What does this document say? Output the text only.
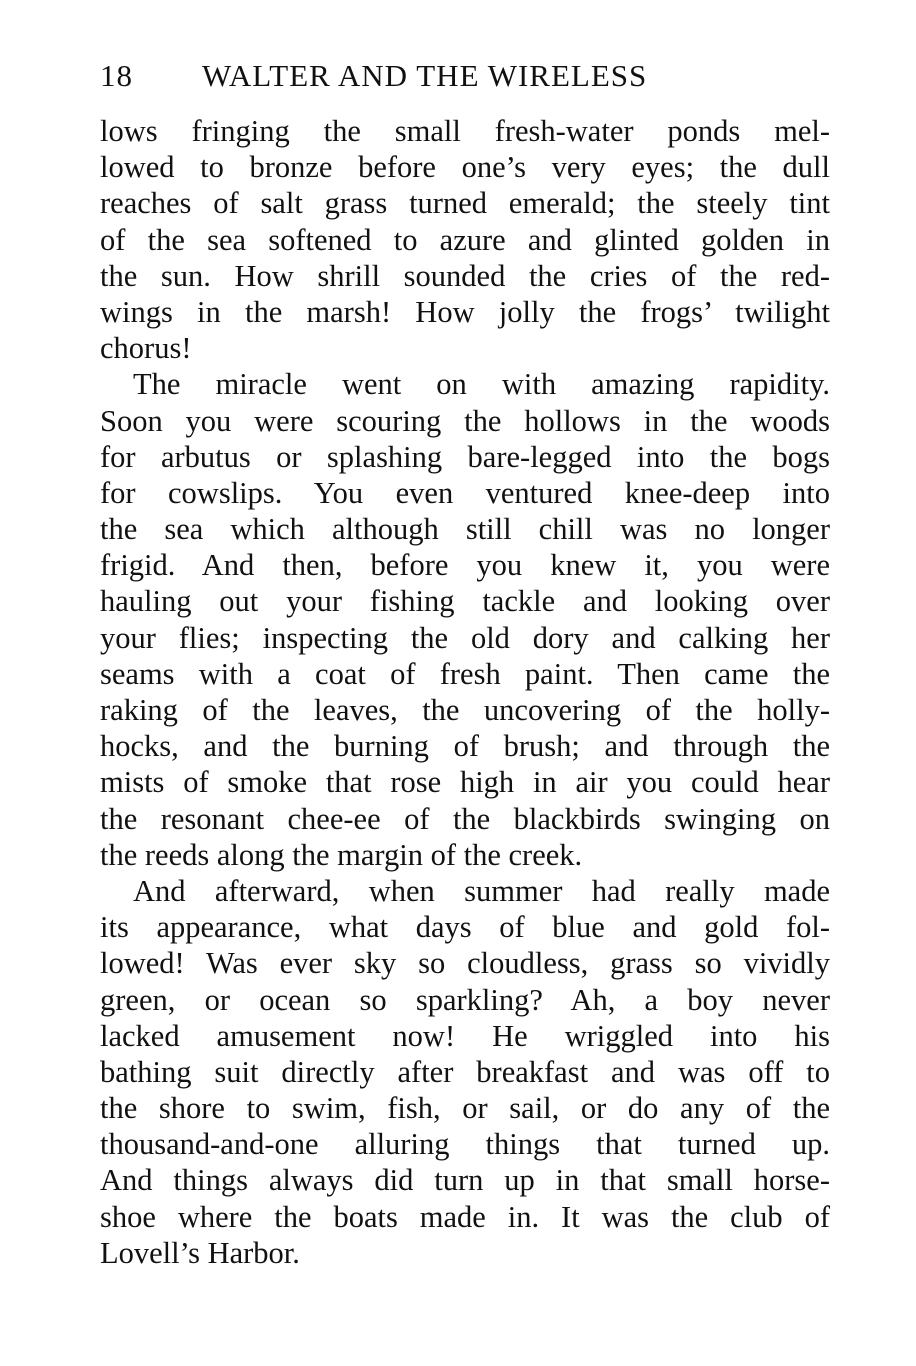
18 WALTER AND THE WIRELESS
lows fringing the small fresh-water ponds mel-
lowed to bronze before one’s very eyes; the dull
reaches of salt grass turned emerald; the steely tint
of the sea softened to azure and glinted golden in
the sun. How shrill sounded the cries of the red-
wings in the marsh! How jolly the frogs’ twilight
chorus!
The miracle went on with amazing rapidity.
Soon you were scouring the hollows in the woods
for arbutus or splashing bare-legged into the bogs
for cowslips. You even ventured knee-deep into
the sea which although still chill was no longer
frigid. And then, before you knew it, you were
hauling out your fishing tackle and looking over
your flies; inspecting the old dory and calking her
seams with a coat of fresh paint. Then came the
raking of the leaves, the uncovering of the holly-
hocks, and the burning of brush; and through the
mists of smoke that rose high in air you could hear
the resonant chee-ee of the blackbirds swinging on
the reeds along the margin of the creek.
And afterward, when summer had really made
its appearance, what days of blue and gold fol-
lowed! Was ever sky so cloudless, grass so vividly
green, or ocean so sparkling? Ah, a boy never
lacked amusement now! He wriggled into his
bathing suit directly after breakfast and was off to
the shore to swim, fish, or sail, or do any of the
thousand-and-one alluring things that turned up.
And things always did turn up in that small horse-
shoe where the boats made in. It was the club of
Lovell’s Harbor.
